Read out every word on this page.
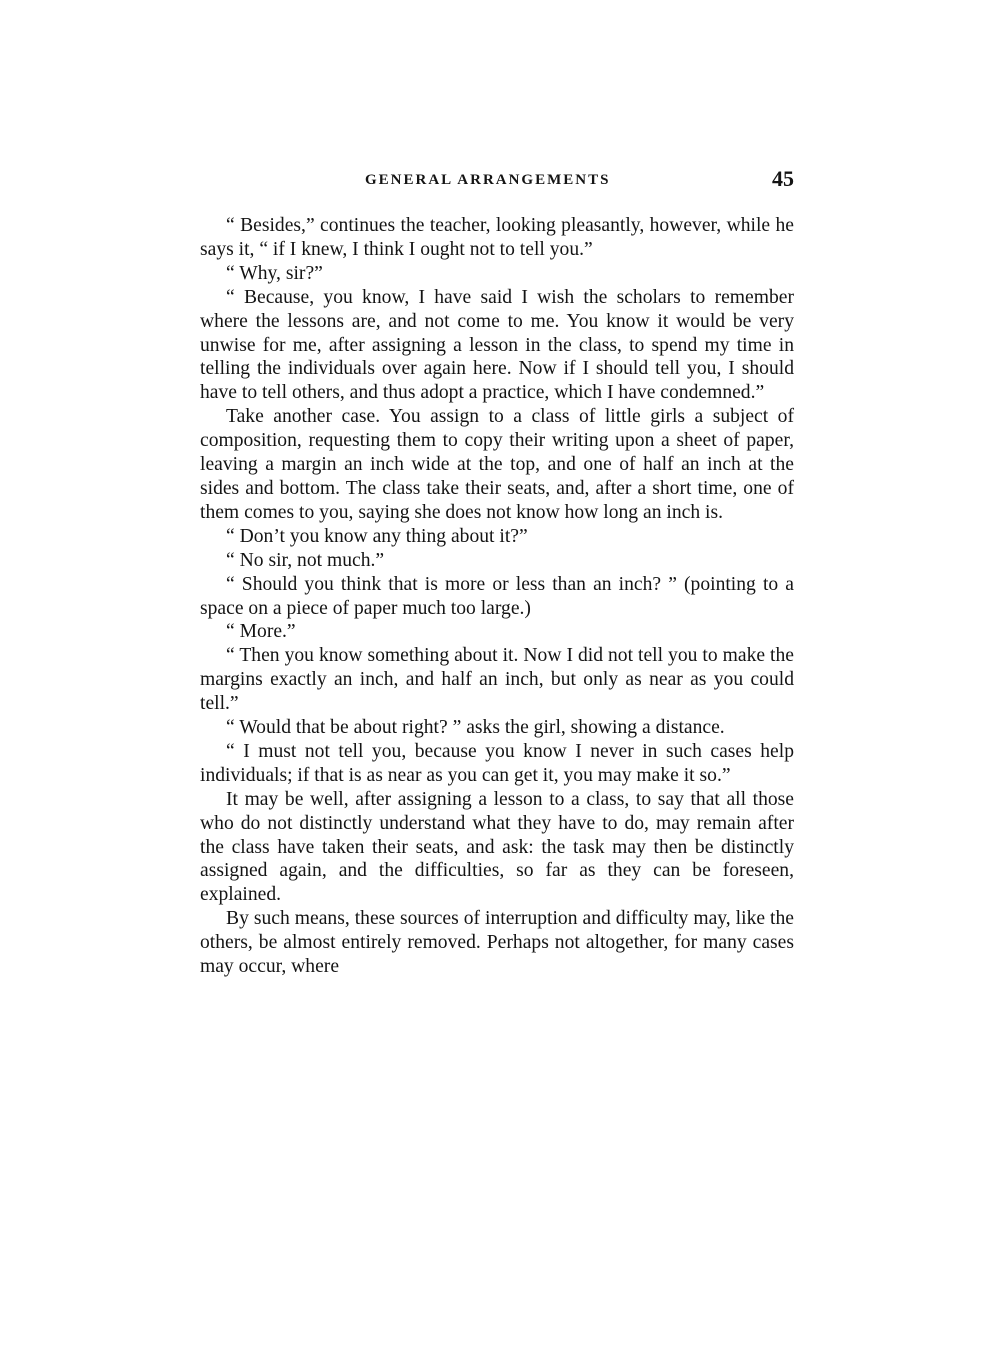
GENERAL ARRANGEMENTS	45

“ Besides,” continues the teacher, looking pleasantly, however, while he says it, “ if I knew, I think I ought not to tell you.”

“ Why, sir?”

“ Because, you know, I have said I wish the scholars to remember where the lessons are, and not come to me. You know it would be very unwise for me, after assigning a lesson in the class, to spend my time in telling the individuals over again here. Now if I should tell you, I should have to tell others, and thus adopt a practice, which I have condemned.”

Take another case. You assign to a class of little girls a subject of composition, requesting them to copy their writing upon a sheet of paper, leaving a margin an inch wide at the top, and one of half an inch at the sides and bottom. The class take their seats, and, after a short time, one of them comes to you, saying she does not know how long an inch is.

“ Don’t you know any thing about it?”

“ No sir, not much.”

“ Should you think that is more or less than an inch? ” (pointing to a space on a piece of paper much too large.)

“ More.”

“ Then you know something about it. Now I did not tell you to make the margins exactly an inch, and half an inch, but only as near as you could tell.”

“ Would that be about right? ” asks the girl, showing a distance.

“ I must not tell you, because you know I never in such cases help individuals; if that is as near as you can get it, you may make it so.”

It may be well, after assigning a lesson to a class, to say that all those who do not distinctly understand what they have to do, may remain after the class have taken their seats, and ask: the task may then be distinctly assigned again, and the difficulties, so far as they can be foreseen, explained.

By such means, these sources of interruption and difficulty may, like the others, be almost entirely removed. Perhaps not altogether, for many cases may occur, where
